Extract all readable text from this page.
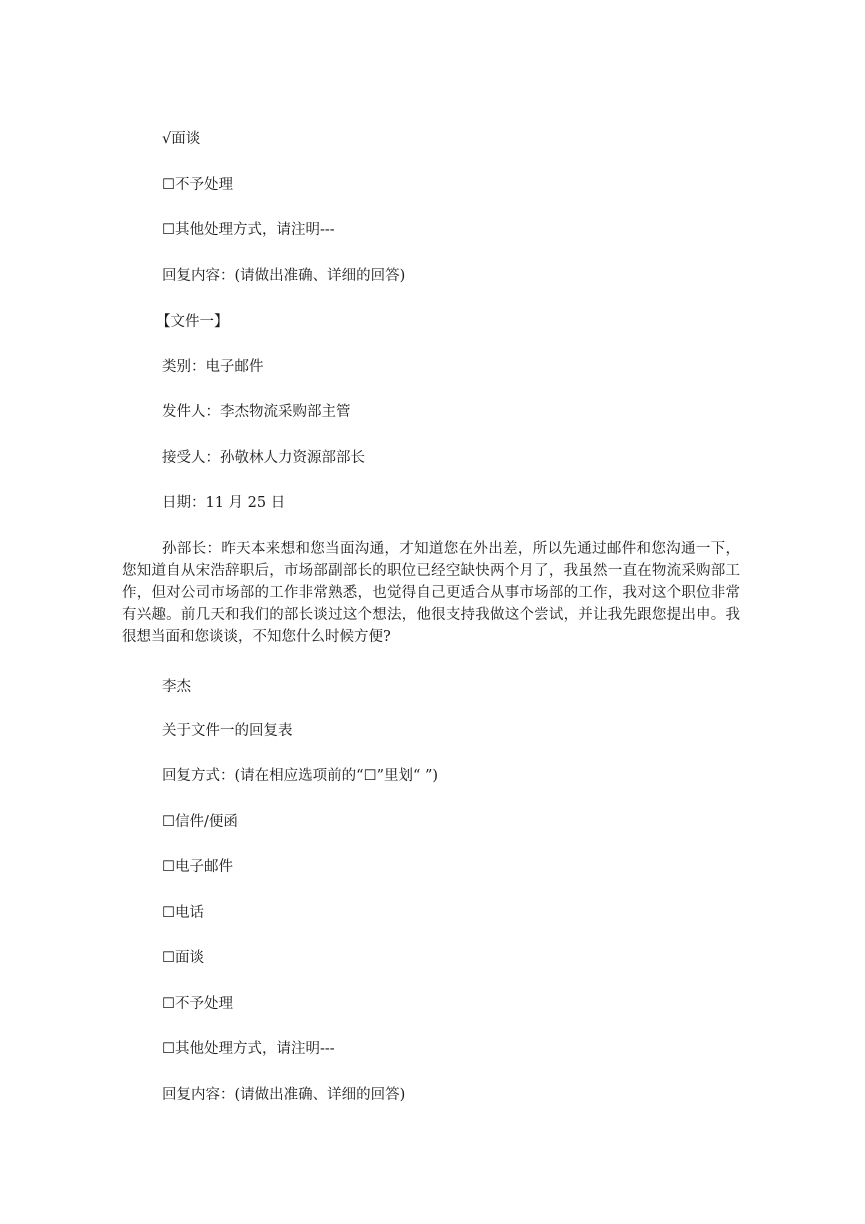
√面谈
☐不予处理
☐其他处理方式，请注明---
回复内容：(请做出准确、详细的回答)
【文件一】
类别：电子邮件
发件人：李杰物流采购部主管
接受人：孙敬林人力资源部部长
日期：11 月 25 日
孙部长：昨天本来想和您当面沟通，才知道您在外出差，所以先通过邮件和您沟通一下，您知道自从宋浩辞职后，市场部副部长的职位已经空缺快两个月了，我虽然一直在物流采购部工作，但对公司市场部的工作非常熟悉，也觉得自己更适合从事市场部的工作，我对这个职位非常有兴趣。前几天和我们的部长谈过这个想法，他很支持我做这个尝试，并让我先跟您提出申。我很想当面和您谈谈，不知您什么时候方便?
李杰
关于文件一的回复表
回复方式：(请在相应选项前的“☐”里划“ ”)
☐信件/便函
☐电子邮件
☐电话
☐面谈
☐不予处理
☐其他处理方式，请注明---
回复内容：(请做出准确、详细的回答)
